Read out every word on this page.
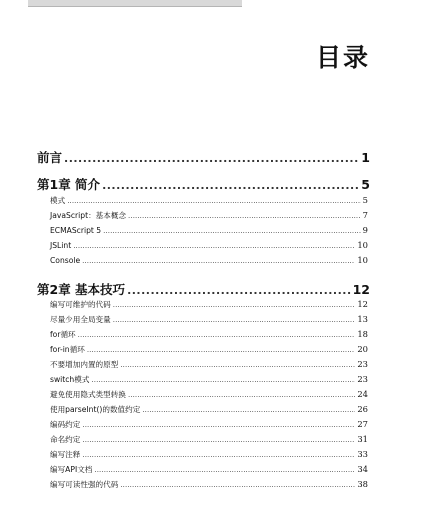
目录
前言 .....	1
第1章 简介 .....	5
模式 .....	5
JavaScript：基本概念 .....	7
ECMAScript 5 .....	9
JSLint .....	10
Console .....	10
第2章 基本技巧 .....	12
编写可维护的代码 .....	12
尽量少用全局变量 .....	13
for循环 .....	18
for-in循环 .....	20
不要增加内置的原型 .....	23
switch模式 .....	23
避免使用隐式类型转换 .....	24
使用parseInt()的数值约定 .....	26
编码约定 .....	27
命名约定 .....	31
编写注释 .....	33
编写API文档 .....	34
编写可读性强的代码 .....	38
